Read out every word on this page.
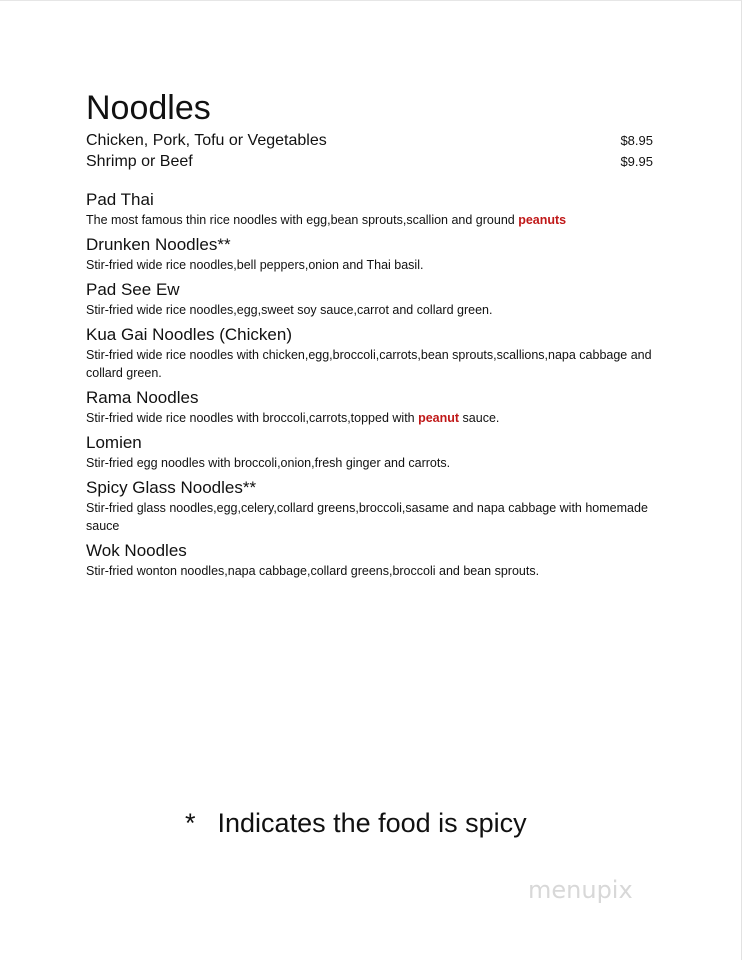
Noodles
Chicken, Pork, Tofu or Vegetables	$8.95
Shrimp or Beef	$9.95
Pad Thai
The most famous thin rice noodles with egg,bean sprouts,scallion and ground peanuts
Drunken Noodles**
Stir-fried wide rice noodles,bell peppers,onion and Thai basil.
Pad See Ew
Stir-fried wide rice noodles,egg,sweet soy sauce,carrot and collard green.
Kua Gai Noodles (Chicken)
Stir-fried wide rice noodles with chicken,egg,broccoli,carrots,bean sprouts,scallions,napa cabbage and collard green.
Rama Noodles
Stir-fried wide rice noodles with broccoli,carrots,topped with peanut sauce.
Lomien
Stir-fried egg noodles with broccoli,onion,fresh ginger and carrots.
Spicy Glass Noodles**
Stir-fried glass noodles,egg,celery,collard greens,broccoli,sasame and napa cabbage with homemade sauce
Wok Noodles
Stir-fried wonton noodles,napa cabbage,collard greens,broccoli and bean sprouts.
* Indicates the food is spicy
menupix
